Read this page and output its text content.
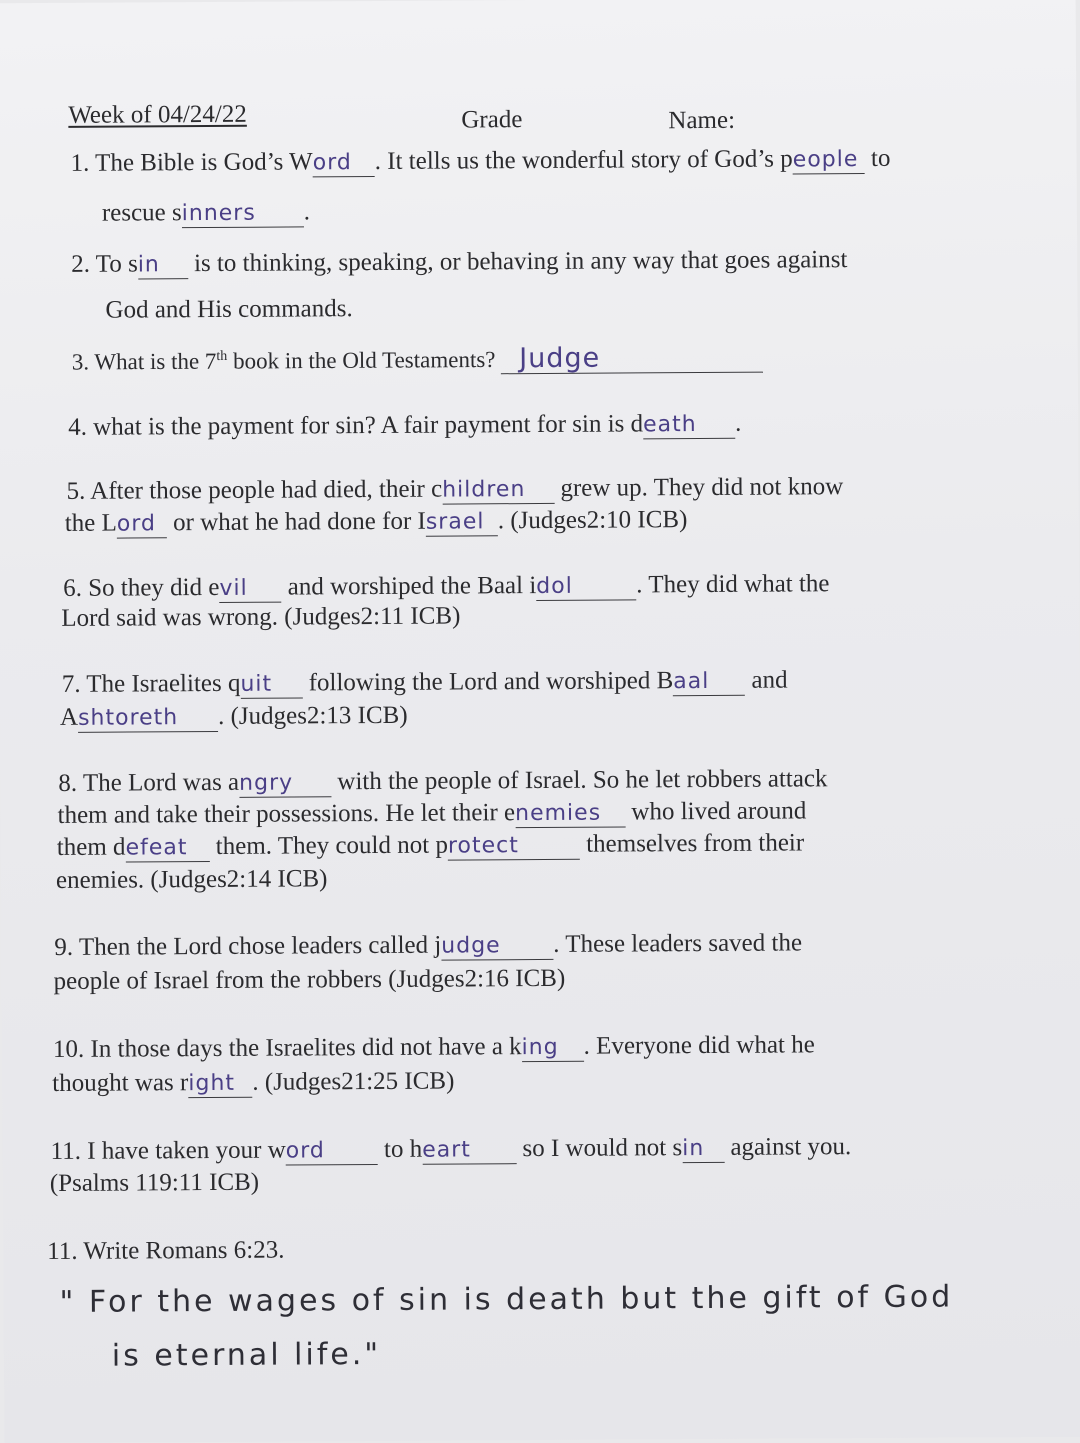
Week of 04/24/22	Grade	Name:
1. The Bible is God’s Word . It tells us the wonderful story of God’s people to
rescue sinners .
2. To sin is to thinking, speaking, or behaving in any way that goes against
God and His commands.
3. What is the 7th book in the Old Testaments? Judge
4. what is the payment for sin? A fair payment for sin is death .
5. After those people had died, their children grew up. They did not know
the Lord or what he had done for Israel . (Judges2:10 ICB)
6. So they did evil and worshiped the Baal idol	. They did what the
Lord said was wrong. (Judges2:11 ICB)
7. The Israelites quit following the Lord and worshiped Baal and
Ashtoreth . (Judges2:13 ICB)
8. The Lord was angry with the people of Israel. So he let robbers attack
them and take their possessions. He let their enemies who lived around
them defeat them. They could not protect themselves from their
enemies. (Judges2:14 ICB)
9. Then the Lord chose leaders called judge . These leaders saved the
people of Israel from the robbers (Judges2:16 ICB)
10. In those days the Israelites did not have a king . Everyone did what he
thought was right . (Judges21:25 ICB)
11. I have taken your word to heart so I would not sin against you.
(Psalms 119:11 ICB)
11. Write Romans 6:23.
" For the wages of sin is death but the gift of God
is eternal life."
